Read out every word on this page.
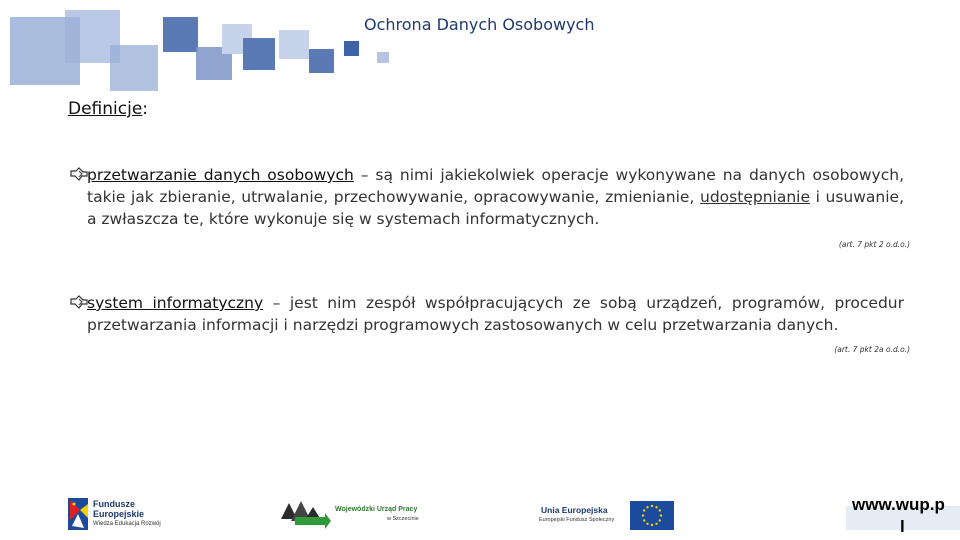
Ochrona Danych Osobowych
Definicje:
przetwarzanie danych osobowych – są nimi jakiekolwiek operacje wykonywane na danych osobowych, takie jak zbieranie, utrwalanie, przechowywanie, opracowywanie, zmienianie, udostępnianie i usuwanie, a zwłaszcza te, które wykonuje się w systemach informatycznych.
(art. 7 pkt 2 o.d.o.)
system informatyczny – jest nim zespół współpracujących ze sobą urządzeń, programów, procedur przetwarzania informacji i narzędzi programowych zastosowanych w celu przetwarzania danych.
(art. 7 pkt 2a o.d.o.)
Fundusze
Europejskie
Wiedza Edukacja Rozwój
Wojewódzki Urząd Pracy
w Szczecinie
Unia Europejska
Europejski Fundusz Społeczny
www.wup.p
l
